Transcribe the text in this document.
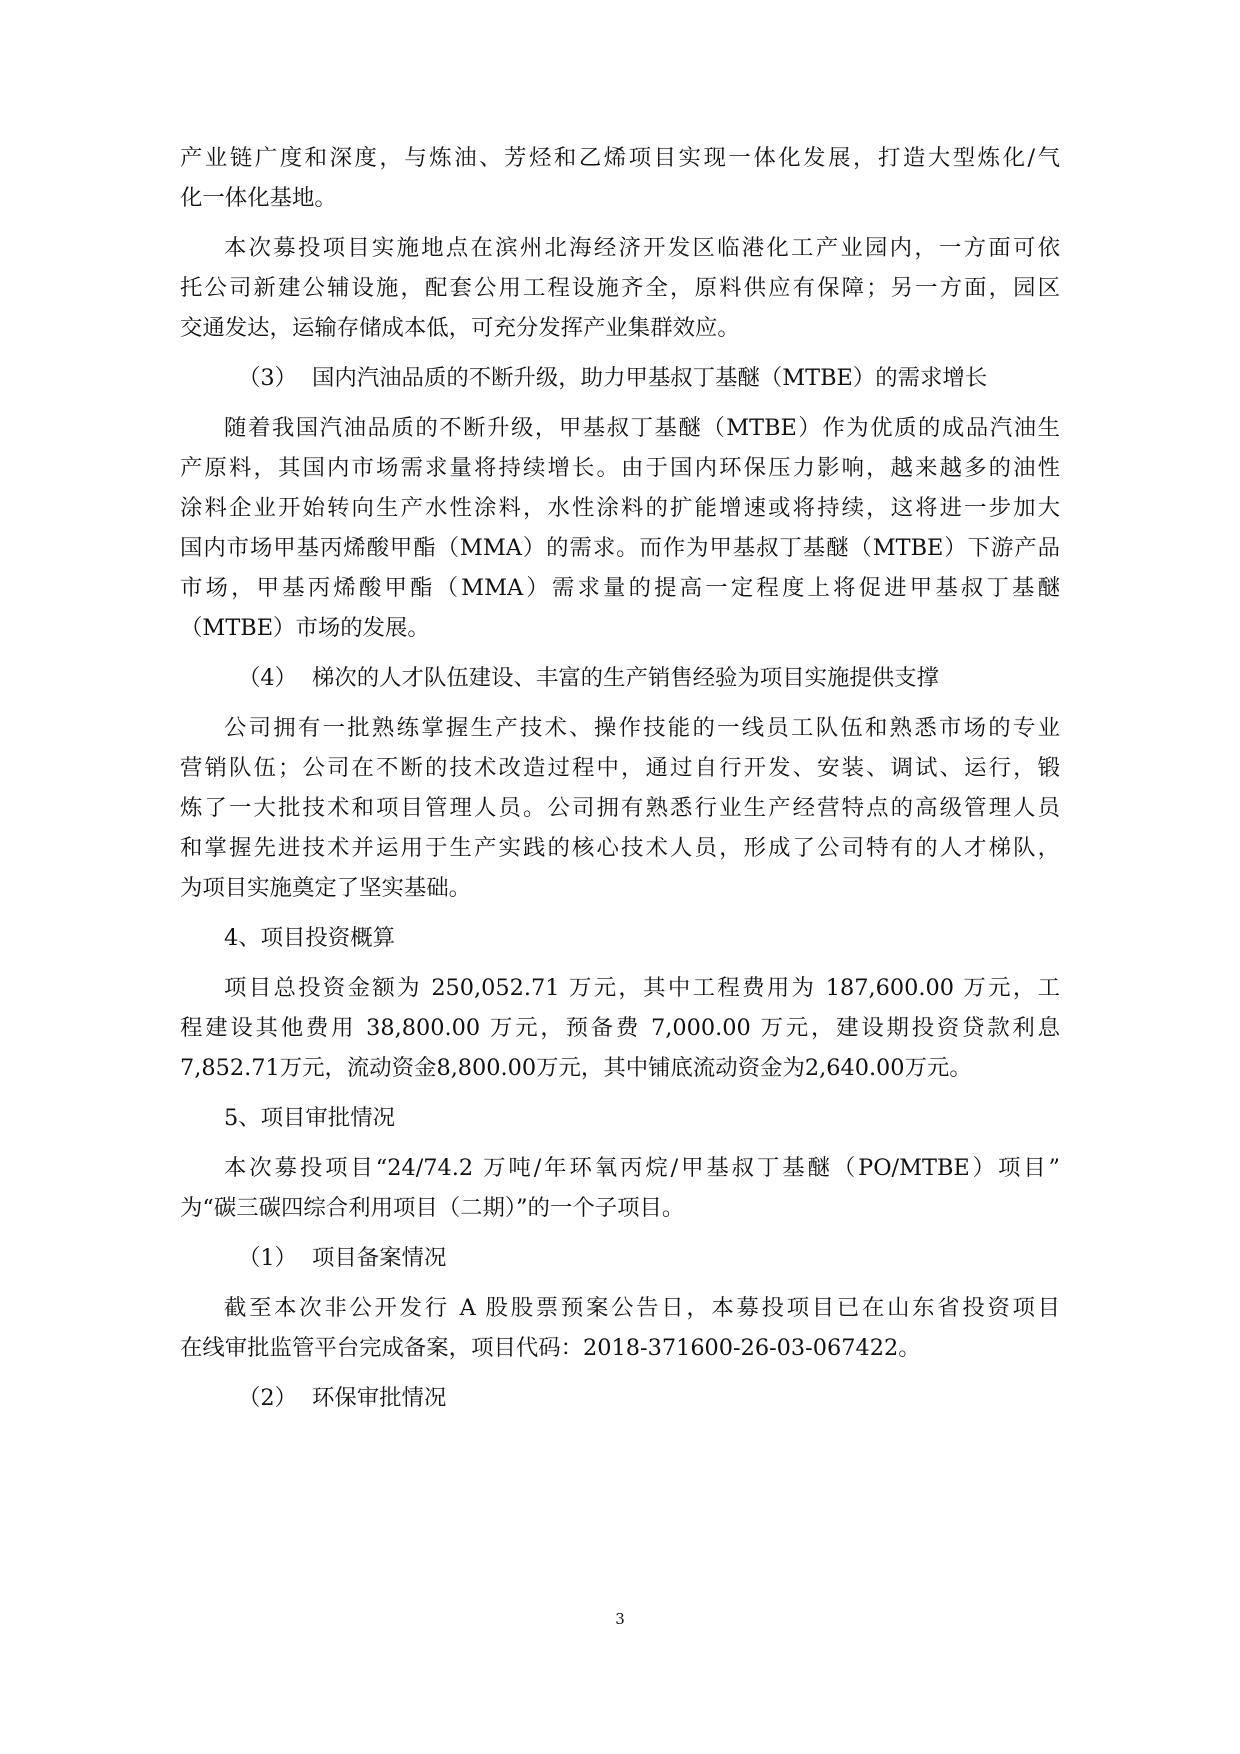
产业链广度和深度，与炼油、芳烃和乙烯项目实现一体化发展，打造大型炼化/气

化一体化基地。

本次募投项目实施地点在滨州北海经济开发区临港化工产业园内，一方面可依

托公司新建公辅设施，配套公用工程设施齐全，原料供应有保障；另一方面，园区

交通发达，运输存储成本低，可充分发挥产业集群效应。

（3） 国内汽油品质的不断升级，助力甲基叔丁基醚（MTBE）的需求增长

随着我国汽油品质的不断升级，甲基叔丁基醚（MTBE）作为优质的成品汽油生

产原料，其国内市场需求量将持续增长。由于国内环保压力影响，越来越多的油性

涂料企业开始转向生产水性涂料，水性涂料的扩能增速或将持续，这将进一步加大

国内市场甲基丙烯酸甲酯（MMA）的需求。而作为甲基叔丁基醚（MTBE）下游产品

市场，甲基丙烯酸甲酯（MMA）需求量的提高一定程度上将促进甲基叔丁基醚

（MTBE）市场的发展。

（4） 梯次的人才队伍建设、丰富的生产销售经验为项目实施提供支撑

公司拥有一批熟练掌握生产技术、操作技能的一线员工队伍和熟悉市场的专业

营销队伍；公司在不断的技术改造过程中，通过自行开发、安装、调试、运行，锻

炼了一大批技术和项目管理人员。公司拥有熟悉行业生产经营特点的高级管理人员

和掌握先进技术并运用于生产实践的核心技术人员，形成了公司特有的人才梯队，

为项目实施奠定了坚实基础。

4、项目投资概算

项目总投资金额为 250,052.71 万元，其中工程费用为 187,600.00 万元，工

程建设其他费用 38,800.00 万元，预备费 7,000.00 万元，建设期投资贷款利息

7,852.71万元，流动资金8,800.00万元，其中铺底流动资金为2,640.00万元。

5、项目审批情况

本次募投项目“24/74.2 万吨/年环氧丙烷/甲基叔丁基醚（PO/MTBE）项目”

为“碳三碳四综合利用项目（二期）”的一个子项目。

（1） 项目备案情况

截至本次非公开发行 A 股股票预案公告日，本募投项目已在山东省投资项目

在线审批监管平台完成备案，项目代码：2018-371600-26-03-067422。

（2） 环保审批情况

3
